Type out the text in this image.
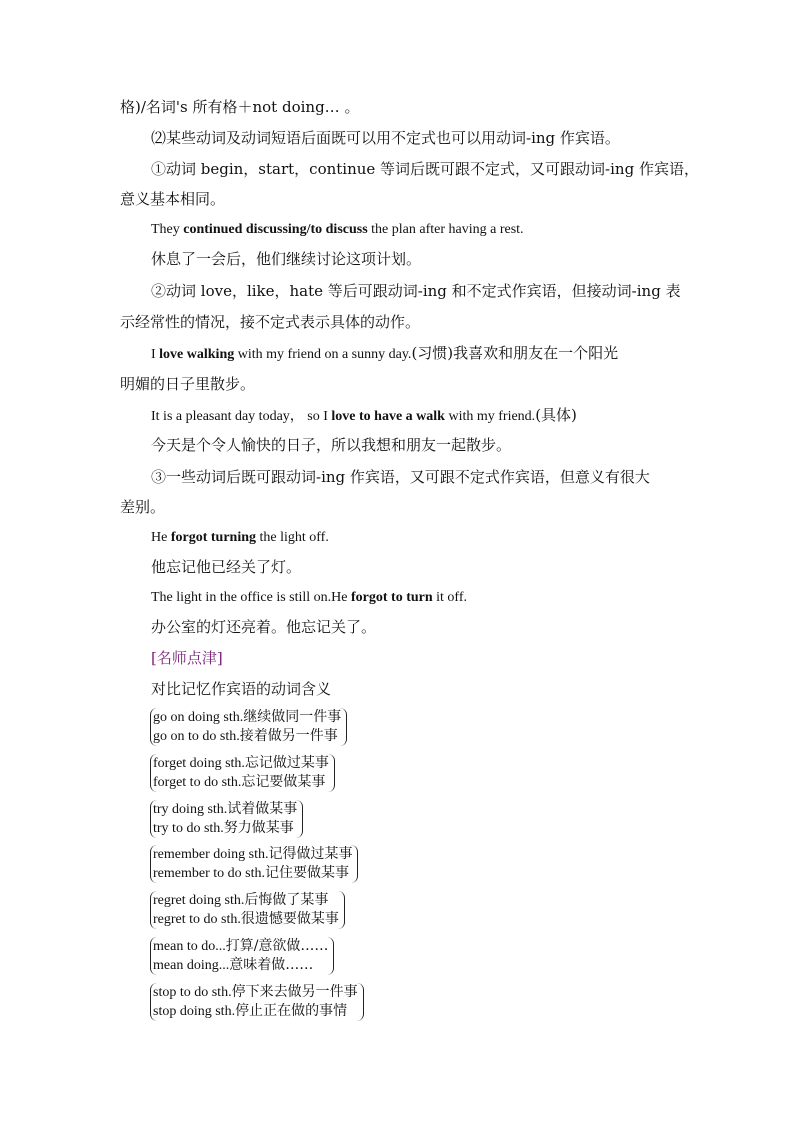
格)/名词's 所有格＋not doing… 。
⑵某些动词及动词短语后面既可以用不定式也可以用动词-ing 作宾语。
①动词 begin，start，continue 等词后既可跟不定式，又可跟动词-ing 作宾语，
意义基本相同。
They continued discussing/to discuss the plan after having a rest.
休息了一会后，他们继续讨论这项计划。
②动词 love，like，hate 等后可跟动词-ing 和不定式作宾语，但接动词-ing 表
示经常性的情况，接不定式表示具体的动作。
I love walking with my friend on a sunny day.(习惯)我喜欢和朋友在一个阳光
明媚的日子里散步。
It is a pleasant day today， so I love to have a walk with my friend.(具体)
今天是个令人愉快的日子，所以我想和朋友一起散步。
③一些动词后既可跟动词-ing 作宾语，又可跟不定式作宾语，但意义有很大
差别。
He forgot turning the light off.
他忘记他已经关了灯。
The light in the office is still on.He forgot to turn it off.
办公室的灯还亮着。他忘记关了。
[名师点津]
对比记忆作宾语的动词含义
go on doing sth.继续做同一件事
go on to do sth.接着做另一件事
forget doing sth.忘记做过某事
forget to do sth.忘记要做某事
try doing sth.试着做某事
try to do sth.努力做某事
remember doing sth.记得做过某事
remember to do sth.记住要做某事
regret doing sth.后悔做了某事
regret to do sth.很遗憾要做某事
mean to do...打算/意欲做……
mean doing...意味着做……
stop to do sth.停下来去做另一件事
stop doing sth.停止正在做的事情
